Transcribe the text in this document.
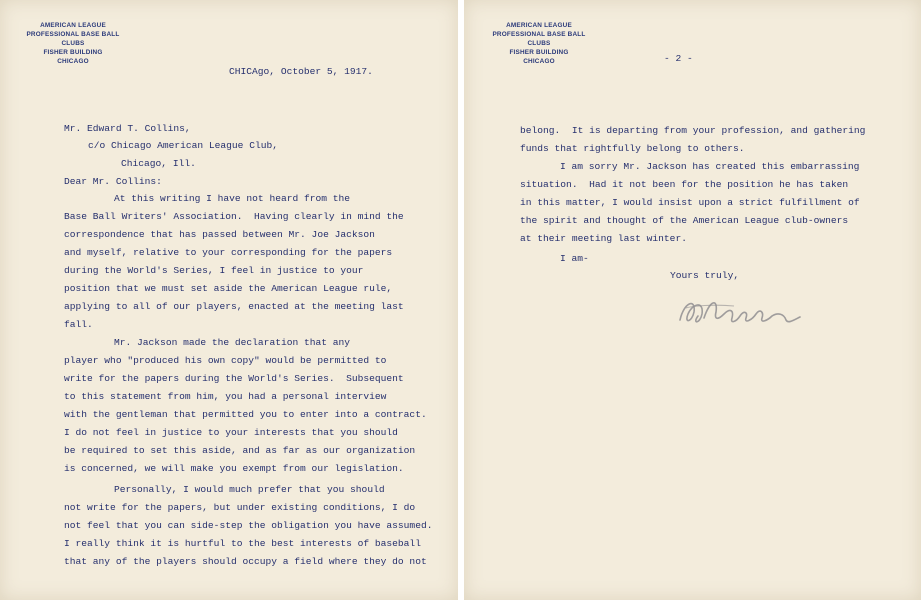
AMERICAN LEAGUE
PROFESSIONAL BASE BALL CLUBS
FISHER BUILDING
CHICAGO
CHICAgo, October 5, 1917.
Mr. Edward T. Collins,
c/o Chicago American League Club,
Chicago, Ill.
Dear Mr. Collins:

At this writing I have not heard from the

Base Ball Writers' Association.  Having clearly in mind the

correspondence that has passed between Mr. Joe Jackson

and myself, relative to your corresponding for the papers

during the World's Series, I feel in justice to your

position that we must set aside the American League rule,

applying to all of our players, enacted at the meeting last

fall.

Mr. Jackson made the declaration that any

player who "produced his own copy" would be permitted to

write for the papers during the World's Series.  Subsequent

to this statement from him, you had a personal interview

with the gentleman that permitted you to enter into a contract.

I do not feel in justice to your interests that you should

be required to set this aside, and as far as our organization

is concerned, we will make you exempt from our legislation.

Personally, I would much prefer that you should

not write for the papers, but under existing conditions, I do

not feel that you can side-step the obligation you have assumed.

I really think it is hurtful to the best interests of baseball

that any of the players should occupy a field where they do not

AMERICAN LEAGUE
PROFESSIONAL BASE BALL CLUBS
FISHER BUILDING
CHICAGO	- 2 -

belong.  It is departing from your profession, and gathering

funds that rightfully belong to others.

I am sorry Mr. Jackson has created this embarrassing

situation.  Had it not been for the position he has taken

in this matter, I would insist upon a strict fulfillment of

the spirit and thought of the American League club-owners

at their meeting last winter.

I am-
Yours truly,
B.B.Johnson
